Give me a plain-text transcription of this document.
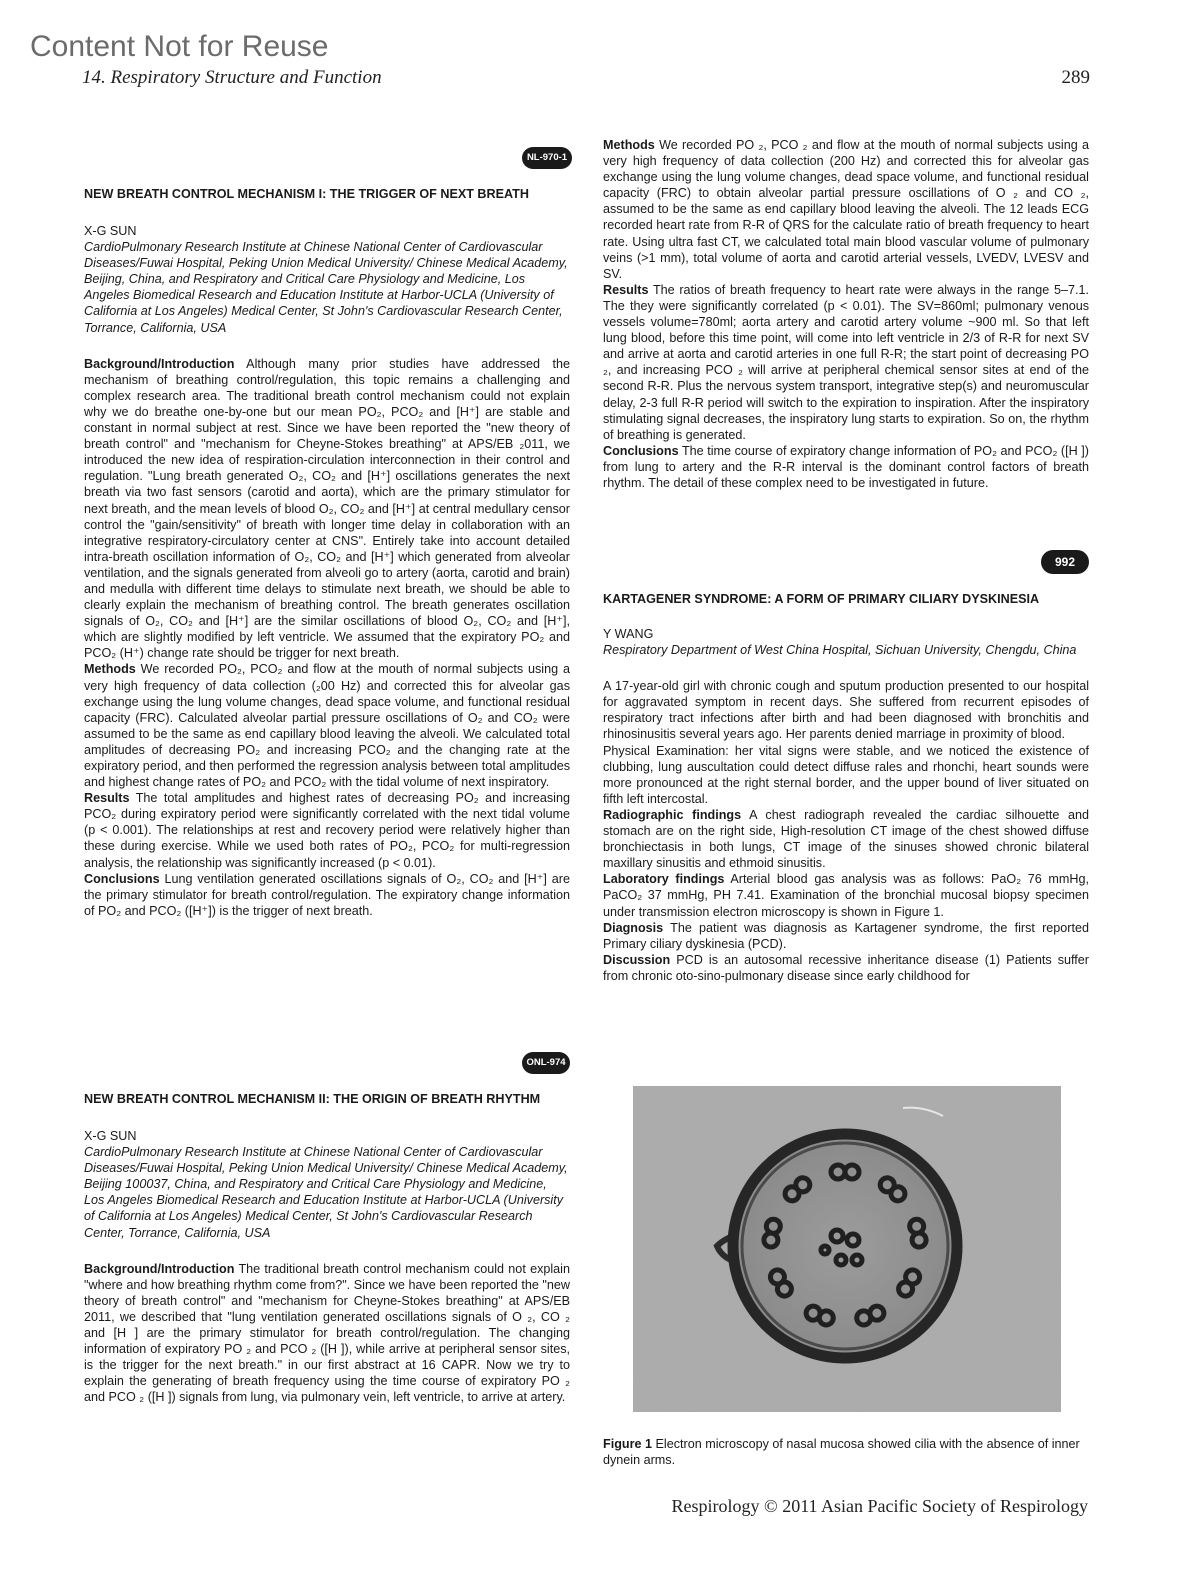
Content Not for Reuse
14. Respiratory Structure and Function	289
NL-970-1

NEW BREATH CONTROL MECHANISM I: THE TRIGGER OF NEXT BREATH

X-G SUN

CardioPulmonary Research Institute at Chinese National Center of Cardiovascular Diseases/Fuwai Hospital, Peking Union Medical University/ Chinese Medical Academy, Beijing, China, and Respiratory and Critical Care Physiology and Medicine, Los Angeles Biomedical Research and Education Institute at Harbor-UCLA (University of California at Los Angeles) Medical Center, St John's Cardiovascular Research Center, Torrance, California, USA

Background/Introduction Although many prior studies have addressed the mechanism of breathing control/regulation, this topic remains a challenging and complex research area. The traditional breath control mechanism could not explain why we do breathe one-by-one but our mean PO₂, PCO₂ and [H⁺] are stable and constant in normal subject at rest. Since we have been reported the "new theory of breath control" and "mechanism for Cheyne-Stokes breathing" at APS/EB ₂011, we introduced the new idea of respiration-circulation interconnection in their control and regulation. "Lung breath generated O₂, CO₂ and [H⁺] oscillations generates the next breath via two fast sensors (carotid and aorta), which are the primary stimulator for next breath, and the mean levels of blood O₂, CO₂ and [H⁺] at central medullary censor control the "gain/sensitivity" of breath with longer time delay in collaboration with an integrative respiratory-circulatory center at CNS". Entirely take into account detailed intra-breath oscillation information of O₂, CO₂ and [H⁺] which generated from alveolar ventilation, and the signals generated from alveoli go to artery (aorta, carotid and brain) and medulla with different time delays to stimulate next breath, we should be able to clearly explain the mechanism of breathing control. The breath generates oscillation signals of O₂, CO₂ and [H⁺] are the similar oscillations of blood O₂, CO₂ and [H⁺], which are slightly modified by left ventricle. We assumed that the expiratory PO₂ and PCO₂ (H⁺) change rate should be trigger for next breath.

Methods We recorded PO₂, PCO₂ and flow at the mouth of normal subjects using a very high frequency of data collection (₂00 Hz) and corrected this for alveolar gas exchange using the lung volume changes, dead space volume, and functional residual capacity (FRC). Calculated alveolar partial pressure oscillations of O₂ and CO₂ were assumed to be the same as end capillary blood leaving the alveoli. We calculated total amplitudes of decreasing PO₂ and increasing PCO₂ and the changing rate at the expiratory period, and then performed the regression analysis between total amplitudes and highest change rates of PO₂ and PCO₂ with the tidal volume of next inspiratory.

Results The total amplitudes and highest rates of decreasing PO₂ and increasing PCO₂ during expiratory period were significantly correlated with the next tidal volume (p < 0.001). The relationships at rest and recovery period were relatively higher than these during exercise. While we used both rates of PO₂, PCO₂ for multi-regression analysis, the relationship was significantly increased (p < 0.01).

Conclusions Lung ventilation generated oscillations signals of O₂, CO₂ and [H⁺] are the primary stimulator for breath control/regulation. The expiratory change information of PO₂ and PCO₂ ([H⁺]) is the trigger of next breath.

ONL-974

NEW BREATH CONTROL MECHANISM II: THE ORIGIN OF BREATH RHYTHM

X-G SUN

CardioPulmonary Research Institute at Chinese National Center of Cardiovascular Diseases/Fuwai Hospital, Peking Union Medical University/ Chinese Medical Academy, Beijing 100037, China, and Respiratory and Critical Care Physiology and Medicine, Los Angeles Biomedical Research and Education Institute at Harbor-UCLA (University of California at Los Angeles) Medical Center, St John's Cardiovascular Research Center, Torrance, California, USA

Background/Introduction The traditional breath control mechanism could not explain "where and how breathing rhythm come from?". Since we have been reported the "new theory of breath control" and "mechanism for Cheyne-Stokes breathing" at APS/EB 2011, we described that "lung ventilation generated oscillations signals of O ₂, CO ₂ and [H ] are the primary stimulator for breath control/regulation. The changing information of expiratory PO ₂ and PCO ₂ ([H ]), while arrive at peripheral sensor sites, is the trigger for the next breath." in our first abstract at 16 CAPR. Now we try to explain the generating of breath frequency using the time course of expiratory PO ₂ and PCO ₂ ([H ]) signals from lung, via pulmonary vein, left ventricle, to arrive at artery.

Methods We recorded PO ₂, PCO ₂ and flow at the mouth of normal subjects using a very high frequency of data collection (200 Hz) and corrected this for alveolar gas exchange using the lung volume changes, dead space volume, and functional residual capacity (FRC) to obtain alveolar partial pressure oscillations of O ₂ and CO ₂, assumed to be the same as end capillary blood leaving the alveoli. The 12 leads ECG recorded heart rate from R-R of QRS for the calculate ratio of breath frequency to heart rate. Using ultra fast CT, we calculated total main blood vascular volume of pulmonary veins (>1 mm), total volume of aorta and carotid arterial vessels, LVEDV, LVESV and SV.

Results The ratios of breath frequency to heart rate were always in the range 5–7.1. The they were significantly correlated (p < 0.01). The SV=860ml; pulmonary venous vessels volume=780ml; aorta artery and carotid artery volume ~900 ml. So that left lung blood, before this time point, will come into left ventricle in 2/3 of R-R for next SV and arrive at aorta and carotid arteries in one full R-R; the start point of decreasing PO ₂, and increasing PCO ₂ will arrive at peripheral chemical sensor sites at end of the second R-R. Plus the nervous system transport, integrative step(s) and neuromuscular delay, 2-3 full R-R period will switch to the expiration to inspiration. After the inspiratory stimulating signal decreases, the inspiratory lung starts to expiration. So on, the rhythm of breathing is generated.

Conclusions The time course of expiratory change information of PO₂ and PCO₂ ([H ]) from lung to artery and the R-R interval is the dominant control factors of breath rhythm. The detail of these complex need to be investigated in future.

992

KARTAGENER SYNDROME: A FORM OF PRIMARY CILIARY DYSKINESIA

Y WANG

Respiratory Department of West China Hospital, Sichuan University, Chengdu, China

A 17-year-old girl with chronic cough and sputum production presented to our hospital for aggravated symptom in recent days. She suffered from recurrent episodes of respiratory tract infections after birth and had been diagnosed with bronchitis and rhinosinusitis several years ago. Her parents denied marriage in proximity of blood.

Physical Examination: her vital signs were stable, and we noticed the existence of clubbing, lung auscultation could detect diffuse rales and rhonchi, heart sounds were more pronounced at the right sternal border, and the upper bound of liver situated on fifth left intercostal.

Radiographic findings A chest radiograph revealed the cardiac silhouette and stomach are on the right side, High-resolution CT image of the chest showed diffuse bronchiectasis in both lungs, CT image of the sinuses showed chronic bilateral maxillary sinusitis and ethmoid sinusitis.

Laboratory findings Arterial blood gas analysis was as follows: PaO₂ 76 mmHg, PaCO₂ 37 mmHg, PH 7.41. Examination of the bronchial mucosal biopsy specimen under transmission electron microscopy is shown in Figure 1.

Diagnosis The patient was diagnosis as Kartagener syndrome, the first reported Primary ciliary dyskinesia (PCD).

Discussion PCD is an autosomal recessive inheritance disease (1) Patients suffer from chronic oto-sino-pulmonary disease since early childhood for

Figure 1 Electron microscopy of nasal mucosa showed cilia with the absence of inner dynein arms.
Respirology © 2011 Asian Pacific Society of Respirology
